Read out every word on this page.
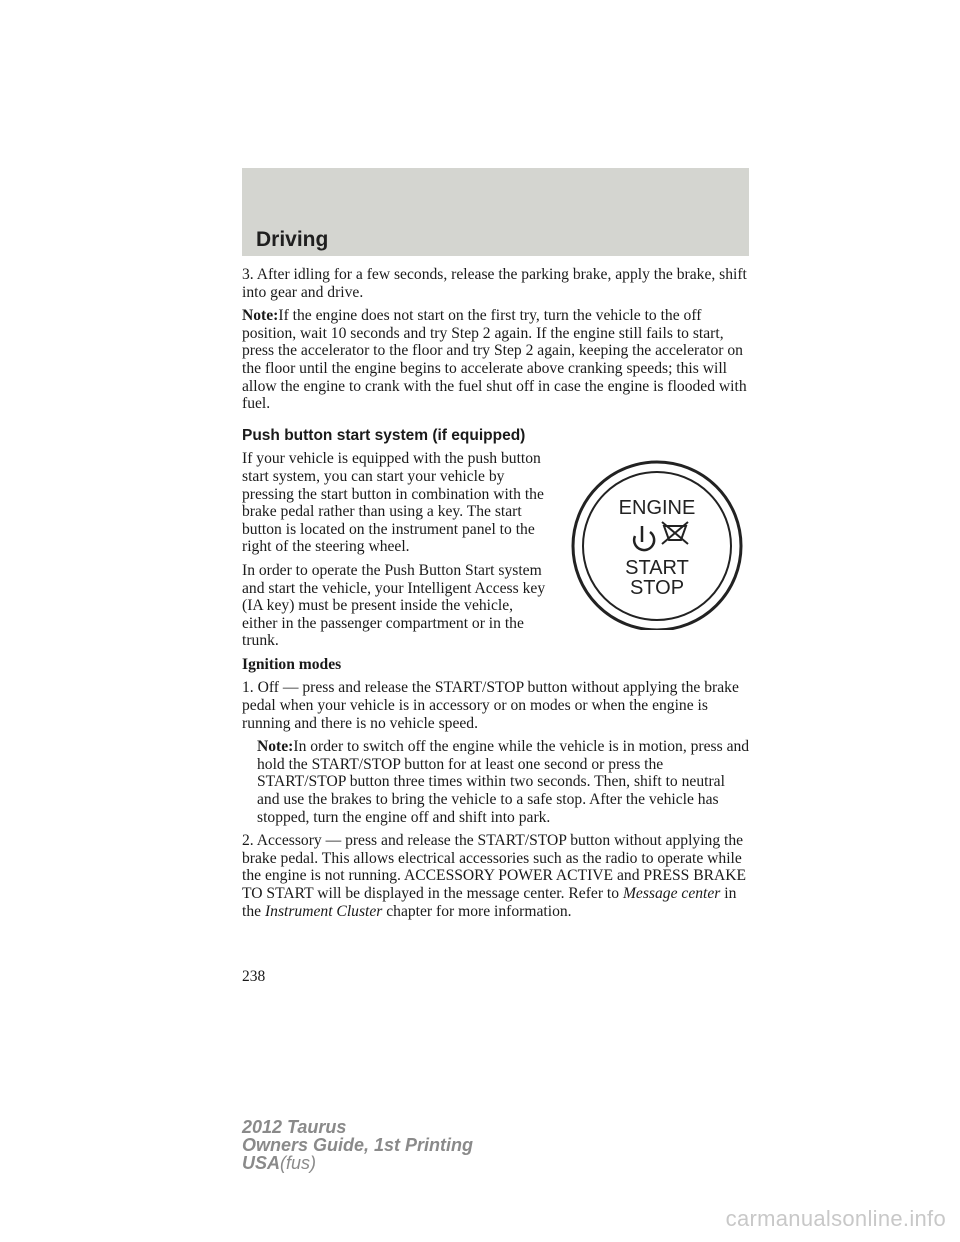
Driving

3. After idling for a few seconds, release the parking brake, apply the brake, shift into gear and drive.

Note:If the engine does not start on the first try, turn the vehicle to the off position, wait 10 seconds and try Step 2 again. If the engine still fails to start, press the accelerator to the floor and try Step 2 again, keeping the accelerator on the floor until the engine begins to accelerate above cranking speeds; this will allow the engine to crank with the fuel shut off in case the engine is flooded with fuel.

Push button start system (if equipped)

ENGINE
START
STOP

If your vehicle is equipped with the push button start system, you can start your vehicle by pressing the start button in combination with the brake pedal rather than using a key. The start button is located on the instrument panel to the right of the steering wheel.

In order to operate the Push Button Start system and start the vehicle, your Intelligent Access key (IA key) must be present inside the vehicle, either in the passenger compartment or in the trunk.

Ignition modes

1. Off — press and release the START/STOP button without applying the brake pedal when your vehicle is in accessory or on modes or when the engine is running and there is no vehicle speed.

Note:In order to switch off the engine while the vehicle is in motion, press and hold the START/STOP button for at least one second or press the START/STOP button three times within two seconds. Then, shift to neutral and use the brakes to bring the vehicle to a safe stop. After the vehicle has stopped, turn the engine off and shift into park.

2. Accessory — press and release the START/STOP button without applying the brake pedal. This allows electrical accessories such as the radio to operate while the engine is not running. ACCESSORY POWER ACTIVE and PRESS BRAKE TO START will be displayed in the message center. Refer to Message center in the Instrument Cluster chapter for more information.

238
2012 Taurus
Owners Guide, 1st Printing
USA(fus)
carmanualsonline.info
